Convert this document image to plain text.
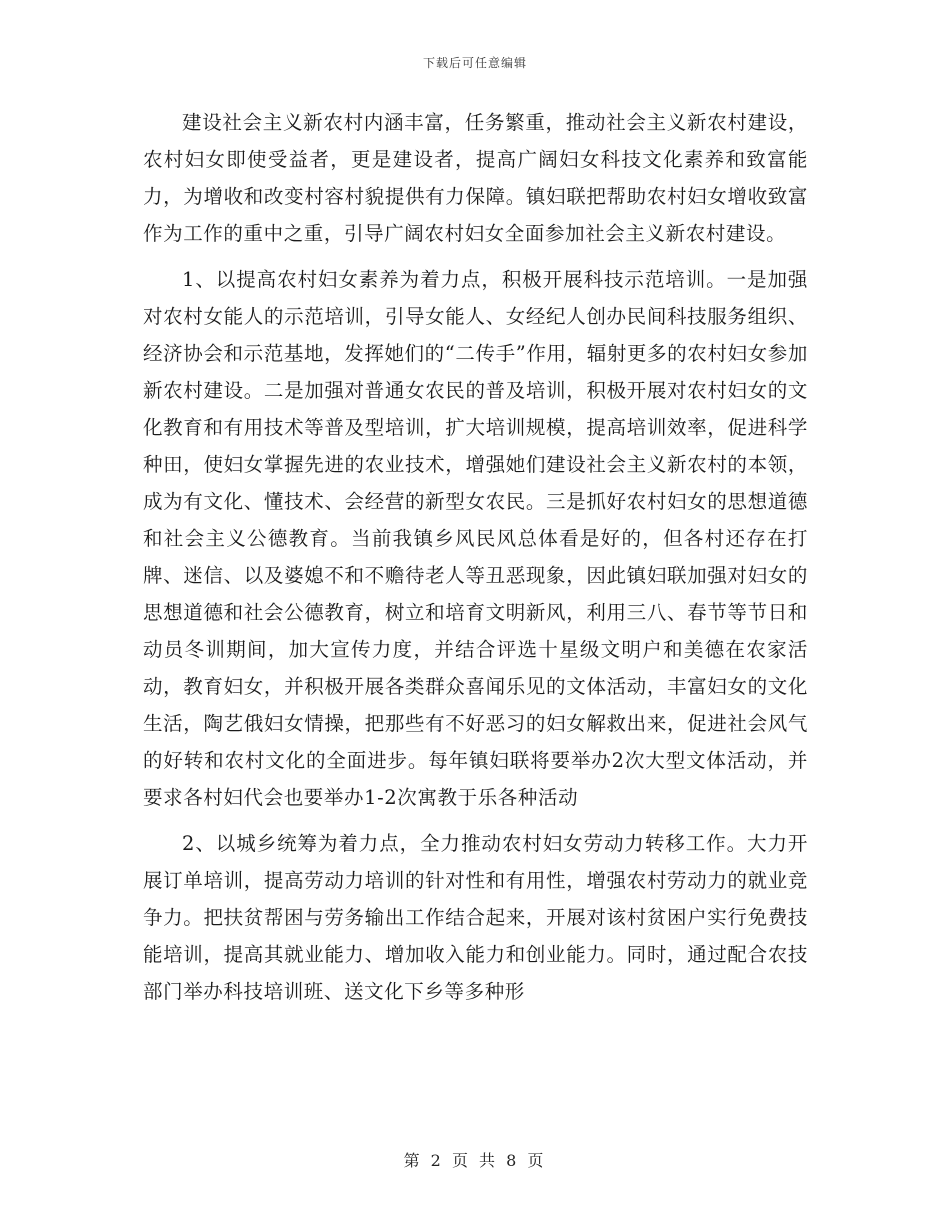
下载后可任意编辑

建设社会主义新农村内涵丰富，任务繁重，推动社会主义新农村建设，农村妇女即使受益者，更是建设者，提高广阔妇女科技文化素养和致富能力，为增收和改变村容村貌提供有力保障。镇妇联把帮助农村妇女增收致富作为工作的重中之重，引导广阔农村妇女全面参加社会主义新农村建设。

1、以提高农村妇女素养为着力点，积极开展科技示范培训。一是加强对农村女能人的示范培训，引导女能人、女经纪人创办民间科技服务组织、经济协会和示范基地，发挥她们的“二传手”作用，辐射更多的农村妇女参加新农村建设。二是加强对普通女农民的普及培训，积极开展对农村妇女的文化教育和有用技术等普及型培训，扩大培训规模，提高培训效率，促进科学种田，使妇女掌握先进的农业技术，增强她们建设社会主义新农村的本领，成为有文化、懂技术、会经营的新型女农民。三是抓好农村妇女的思想道德和社会主义公德教育。当前我镇乡风民风总体看是好的，但各村还存在打牌、迷信、以及婆媳不和不赡待老人等丑恶现象，因此镇妇联加强对妇女的思想道德和社会公德教育，树立和培育文明新风，利用三八、春节等节日和动员冬训期间，加大宣传力度，并结合评选十星级文明户和美德在农家活动，教育妇女，并积极开展各类群众喜闻乐见的文体活动，丰富妇女的文化生活，陶艺俄妇女情操，把那些有不好恶习的妇女解救出来，促进社会风气的好转和农村文化的全面进步。每年镇妇联将要举办2次大型文体活动，并要求各村妇代会也要举办1-2次寓教于乐各种活动

2、以城乡统筹为着力点，全力推动农村妇女劳动力转移工作。大力开展订单培训，提高劳动力培训的针对性和有用性，增强农村劳动力的就业竞争力。把扶贫帮困与劳务输出工作结合起来，开展对该村贫困户实行免费技能培训，提高其就业能力、增加收入能力和创业能力。同时，通过配合农技部门举办科技培训班、送文化下乡等多种形

第 2 页 共 8 页
